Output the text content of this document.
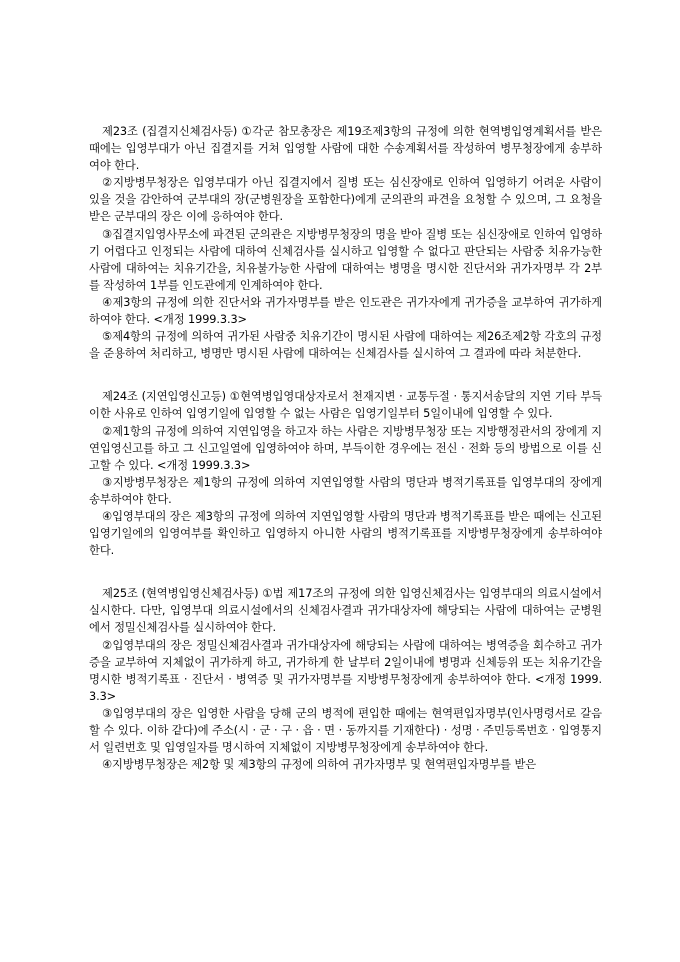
제23조 (집결지신체검사등) ①각군 참모총장은 제19조제3항의 규정에 의한 현역병입영계획서를 받은 때에는 입영부대가 아닌 집결지를 거쳐 입영할 사람에 대한 수송계획서를 작성하여 병무청장에게 송부하여야 한다.

②지방병무청장은 입영부대가 아닌 집결지에서 질병 또는 심신장애로 인하여 입영하기 어려운 사람이 있을 것을 감안하여 군부대의 장(군병원장을 포함한다)에게 군의관의 파견을 요청할 수 있으며, 그 요청을 받은 군부대의 장은 이에 응하여야 한다.

③집결지입영사무소에 파견된 군의관은 지방병무청장의 명을 받아 질병 또는 심신장애로 인하여 입영하기 어렵다고 인정되는 사람에 대하여 신체검사를 실시하고 입영할 수 없다고 판단되는 사람중 치유가능한 사람에 대하여는 치유기간을, 치유불가능한 사람에 대하여는 병명을 명시한 진단서와 귀가자명부 각 2부를 작성하여 1부를 인도관에게 인계하여야 한다.

④제3항의 규정에 의한 진단서와 귀가자명부를 받은 인도관은 귀가자에게 귀가증을 교부하여 귀가하게 하여야 한다. <개정 1999.3.3>

⑤제4항의 규정에 의하여 귀가된 사람중 치유기간이 명시된 사람에 대하여는 제26조제2항 각호의 규정을 준용하여 처리하고, 병명만 명시된 사람에 대하여는 신체검사를 실시하여 그 결과에 따라 처분한다.

제24조 (지연입영신고등) ①현역병입영대상자로서 천재지변 · 교통두절 · 통지서송달의 지연 기타 부득이한 사유로 인하여 입영기일에 입영할 수 없는 사람은 입영기일부터 5일이내에 입영할 수 있다.

②제1항의 규정에 의하여 지연입영을 하고자 하는 사람은 지방병무청장 또는 지방행정관서의 장에게 지연입영신고를 하고 그 신고일열에 입영하여야 하며, 부득이한 경우에는 전신 · 전화 등의 방법으로 이를 신고할 수 있다. <개정 1999.3.3>

③지방병무청장은 제1항의 규정에 의하여 지연입영할 사람의 명단과 병적기록표를 입영부대의 장에게 송부하여야 한다.

④입영부대의 장은 제3항의 규정에 의하여 지연입영할 사람의 명단과 병적기록표를 받은 때에는 신고된 입영기일에의 입영여부를 확인하고 입영하지 아니한 사람의 병적기록표를 지방병무청장에게 송부하여야 한다.

제25조 (현역병입영신체검사등) ①법 제17조의 규정에 의한 입영신체검사는 입영부대의 의료시설에서 실시한다. 다만, 입영부대 의료시설에서의 신체검사결과 귀가대상자에 해당되는 사람에 대하여는 군병원에서 정밀신체검사를 실시하여야 한다.

②입영부대의 장은 정밀신체검사결과 귀가대상자에 해당되는 사람에 대하여는 병역증을 회수하고 귀가증을 교부하여 지체없이 귀가하게 하고, 귀가하게 한 날부터 2일이내에 병명과 신체등위 또는 치유기간을 명시한 병적기록표 · 진단서 · 병역증 및 귀가자명부를 지방병무청장에게 송부하여야 한다. <개정 1999.3.3>

③입영부대의 장은 입영한 사람을 당해 군의 병적에 편입한 때에는 현역편입자명부(인사명령서로 갈음할 수 있다. 이하 같다)에 주소(시 · 군 · 구 · 읍 · 면 · 동까지를 기재한다) · 성명 · 주민등록번호 · 입영통지서 일련번호 및 입영일자를 명시하여 지체없이 지방병무청장에게 송부하여야 한다.

④지방병무청장은 제2항 및 제3항의 규정에 의하여 귀가자명부 및 현역편입자명부를 받은
